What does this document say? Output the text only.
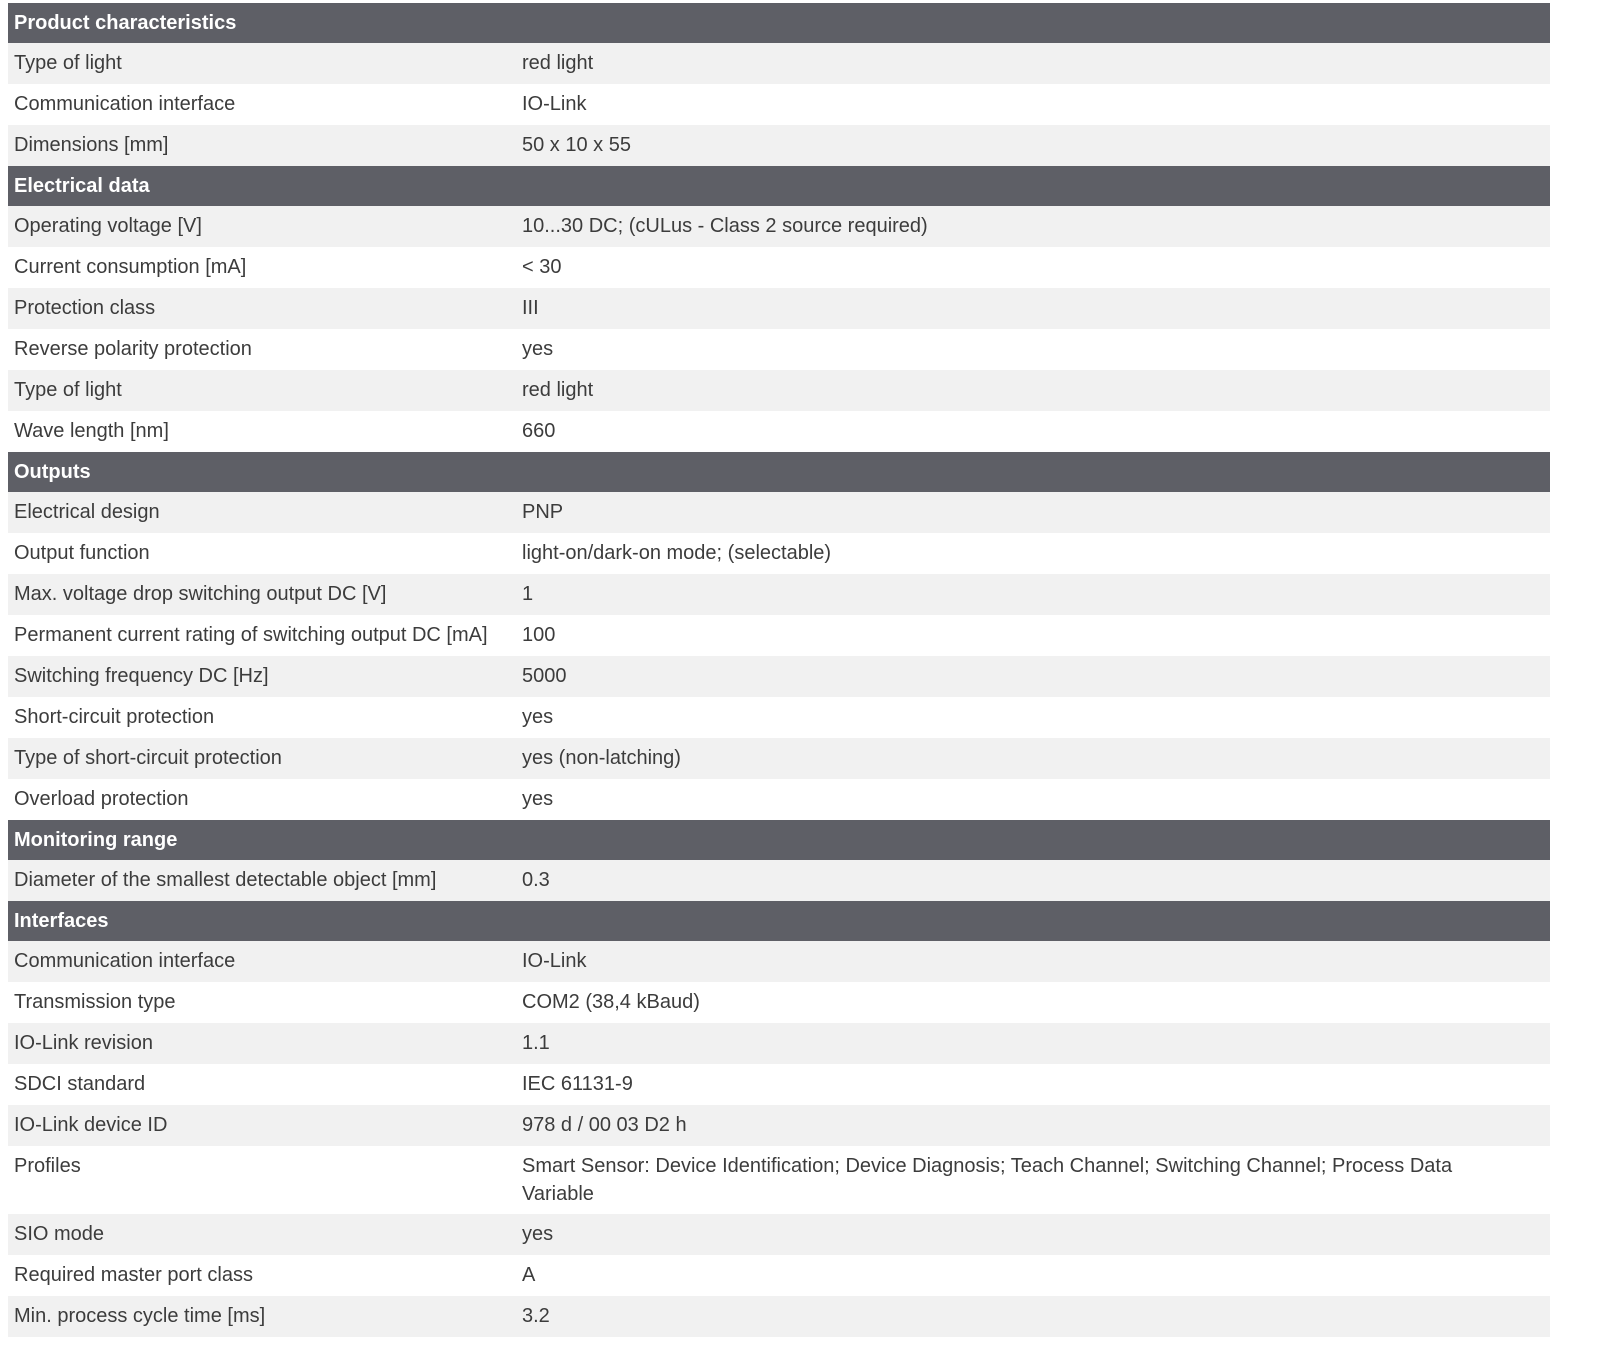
Product characteristics
Type of light	red light
Communication interface	IO-Link
Dimensions [mm]	50 x 10 x 55
Electrical data
Operating voltage [V]	10...30 DC; (cULus - Class 2 source required)
Current consumption [mA]	< 30
Protection class	III
Reverse polarity protection	yes
Type of light	red light
Wave length [nm]	660
Outputs
Electrical design	PNP
Output function	light-on/dark-on mode; (selectable)
Max. voltage drop switching output DC [V]	1
Permanent current rating of switching output DC [mA]	100
Switching frequency DC [Hz]	5000
Short-circuit protection	yes
Type of short-circuit protection	yes (non-latching)
Overload protection	yes
Monitoring range
Diameter of the smallest detectable object [mm]	0.3
Interfaces
Communication interface	IO-Link
Transmission type	COM2 (38,4 kBaud)
IO-Link revision	1.1
SDCI standard	IEC 61131-9
IO-Link device ID	978 d / 00 03 D2 h
Profiles	Smart Sensor: Device Identification; Device Diagnosis; Teach Channel; Switching Channel; Process Data Variable
SIO mode	yes
Required master port class	A
Min. process cycle time [ms]	3.2
